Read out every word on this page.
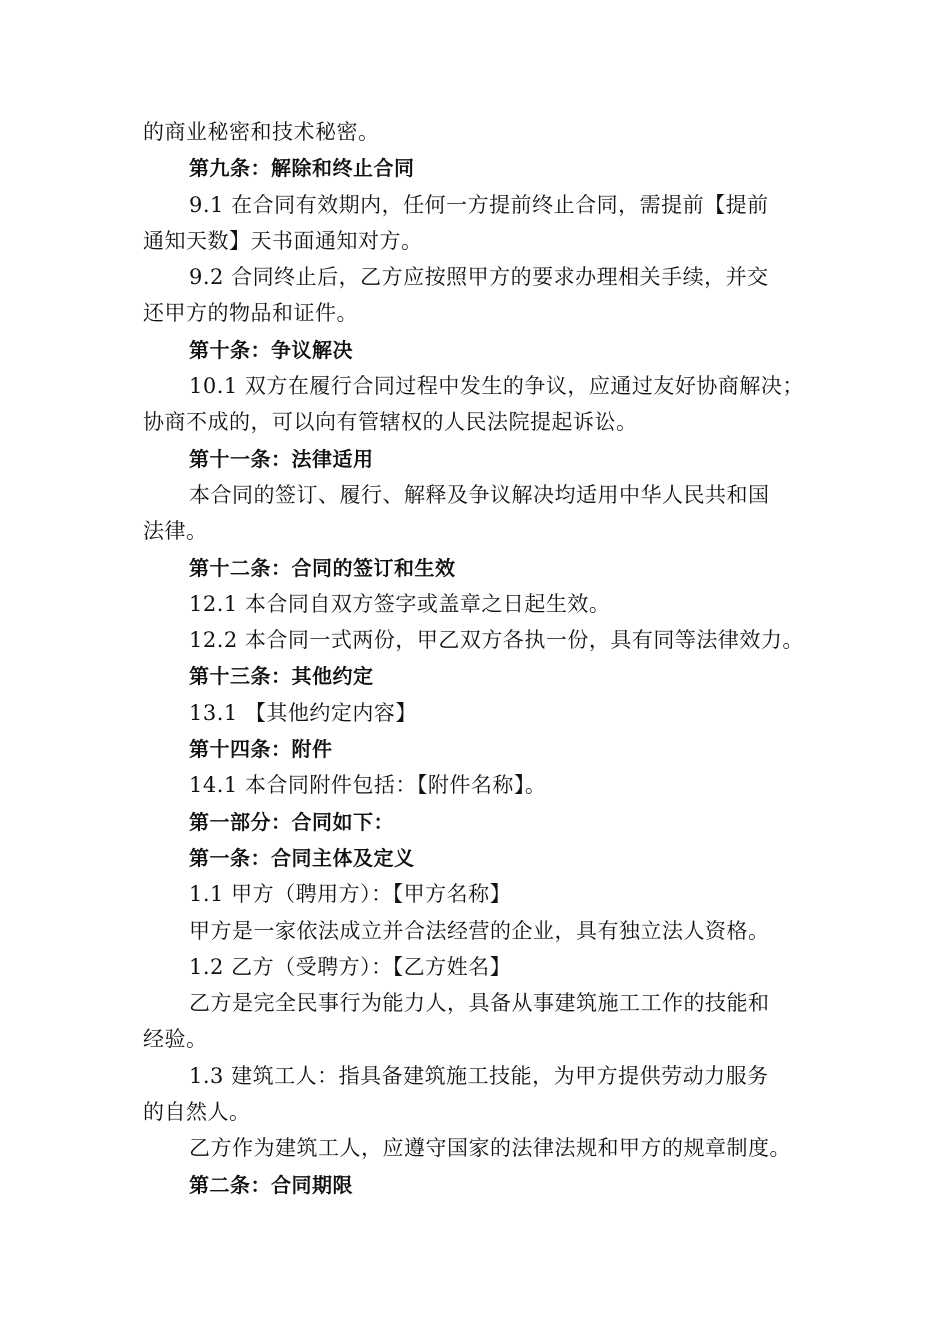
的商业秘密和技术秘密。
第九条：解除和终止合同
9.1 在合同有效期内，任何一方提前终止合同，需提前【提前
通知天数】天书面通知对方。
9.2 合同终止后，乙方应按照甲方的要求办理相关手续，并交
还甲方的物品和证件。
第十条：争议解决
10.1 双方在履行合同过程中发生的争议，应通过友好协商解决；
协商不成的，可以向有管辖权的人民法院提起诉讼。
第十一条：法律适用
本合同的签订、履行、解释及争议解决均适用中华人民共和国
法律。
第十二条：合同的签订和生效
12.1 本合同自双方签字或盖章之日起生效。
12.2 本合同一式两份，甲乙双方各执一份，具有同等法律效力。
第十三条：其他约定
13.1 【其他约定内容】
第十四条：附件
14.1 本合同附件包括：【附件名称】。
第一部分：合同如下：
第一条：合同主体及定义
1.1 甲方（聘用方）：【甲方名称】
甲方是一家依法成立并合法经营的企业，具有独立法人资格。
1.2 乙方（受聘方）：【乙方姓名】
乙方是完全民事行为能力人，具备从事建筑施工工作的技能和
经验。
1.3 建筑工人：指具备建筑施工技能，为甲方提供劳动力服务
的自然人。
乙方作为建筑工人，应遵守国家的法律法规和甲方的规章制度。
第二条：合同期限
